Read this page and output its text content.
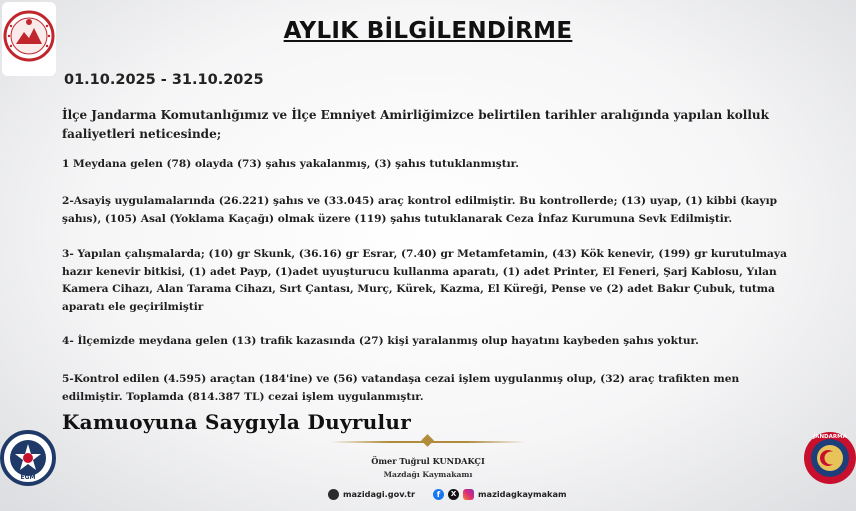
AYLIK BİLGİLENDİRME
01.10.2025 - 31.10.2025
İlçe Jandarma Komutanlığımız ve İlçe Emniyet Amirliğimizce belirtilen tarihler aralığında yapılan kolluk faaliyetleri neticesinde;
1 Meydana gelen (78) olayda (73) şahıs yakalanmış, (3) şahıs tutuklanmıştır.
2-Asayiş uygulamalarında (26.221) şahıs ve (33.045) araç kontrol edilmiştir. Bu kontrollerde; (13) uyap, (1) kibbi (kayıp şahıs), (105) Asal (Yoklama Kaçağı) olmak üzere (119) şahıs tutuklanarak Ceza İnfaz Kurumuna Sevk Edilmiştir.
3- Yapılan çalışmalarda; (10) gr Skunk, (36.16) gr Esrar, (7.40) gr Metamfetamin, (43) Kök kenevir, (199) gr kurutulmaya hazır kenevir bitkisi, (1) adet Payp, (1)adet uyuşturucu kullanma aparatı, (1) adet Printer, El Feneri, Şarj Kablosu, Yılan Kamera Cihazı, Alan Tarama Cihazı, Sırt Çantası, Murç, Kürek, Kazma, El Küreği, Pense ve (2) adet Bakır Çubuk, tutma aparatı ele geçirilmiştir
4- İlçemizde meydana gelen (13) trafik kazasında (27) kişi yaralanmış olup hayatını kaybeden şahıs yoktur.
5-Kontrol edilen (4.595) araçtan (184'ine) ve (56) vatandaşa cezai işlem uygulanmış olup, (32) araç trafikten men edilmiştir. Toplamda (814.387 TL) cezai işlem uygulanmıştır.
Kamuoyuna Saygıyla Duyrulur
Ömer Tuğrul KUNDAKÇI
Mazdağı Kaymakamı
mazidagi.gov.tr	f	X	mazidagkaymakam
EGM
JANDARMA
